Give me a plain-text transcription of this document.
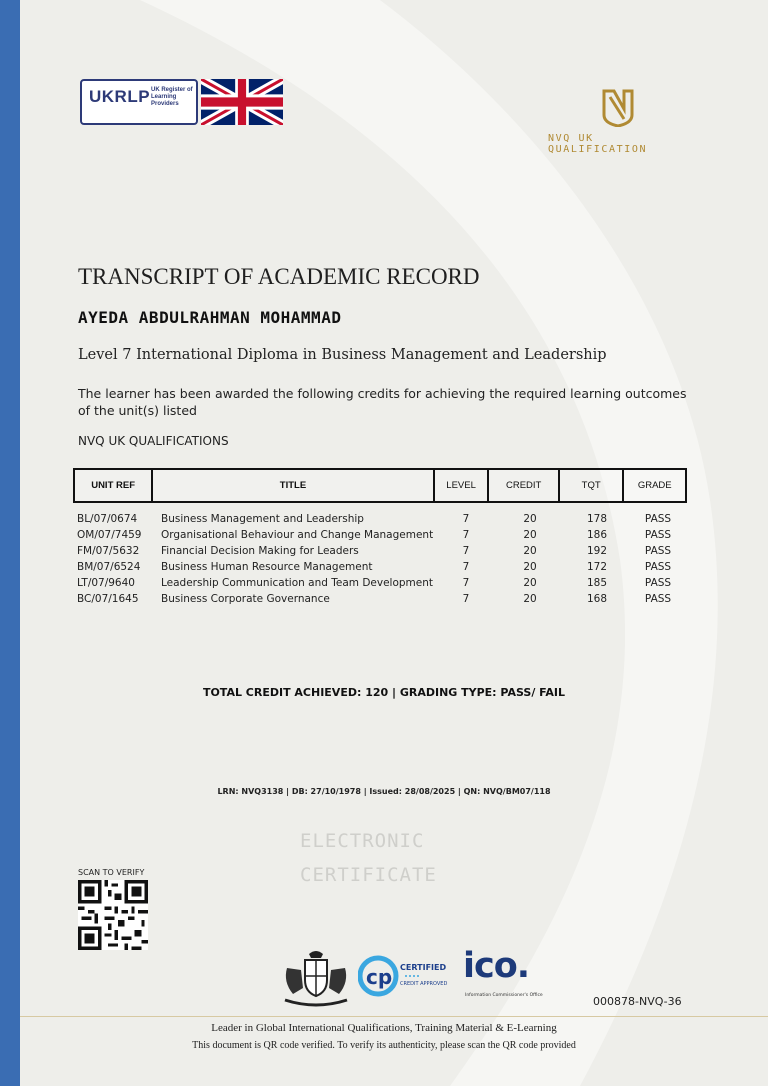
UKRLP UK Register of Learning Providers
NVQ UK QUALIFICATION
TRANSCRIPT OF ACADEMIC RECORD
AYEDA ABDULRAHMAN MOHAMMAD
Level 7 International Diploma in Business Management and Leadership
The learner has been awarded the following credits for achieving the required learning outcomes of the unit(s) listed
NVQ UK QUALIFICATIONS
UNIT REF	TITLE	LEVEL	CREDIT	TQT	GRADE
BL/07/0674 Business Management and Leadership	7	20	178	PASS
OM/07/7459 Organisational Behaviour and Change Management	7	20	186	PASS
FM/07/5632 Financial Decision Making for Leaders	7	20	192	PASS
BM/07/6524 Business Human Resource Management	7	20	172	PASS
LT/07/9640 Leadership Communication and Team Development	7	20	185	PASS
BC/07/1645 Business Corporate Governance	7	20	168	PASS
TOTAL CREDIT ACHIEVED: 120 | GRADING TYPE: PASS/ FAIL
LRN: NVQ3138 | DB: 27/10/1978 | Issued: 28/08/2025 | QN: NVQ/BM07/118
ELECTRONIC
CERTIFICATE
SCAN TO VERIFY
cp CERTIFIED
CREDIT APPROVED ico.
Information Commissioner's Office	000878-NVQ-36
Leader in Global International Qualifications, Training Material & E-Learning
This document is QR code verified. To verify its authenticity, please scan the QR code provided
